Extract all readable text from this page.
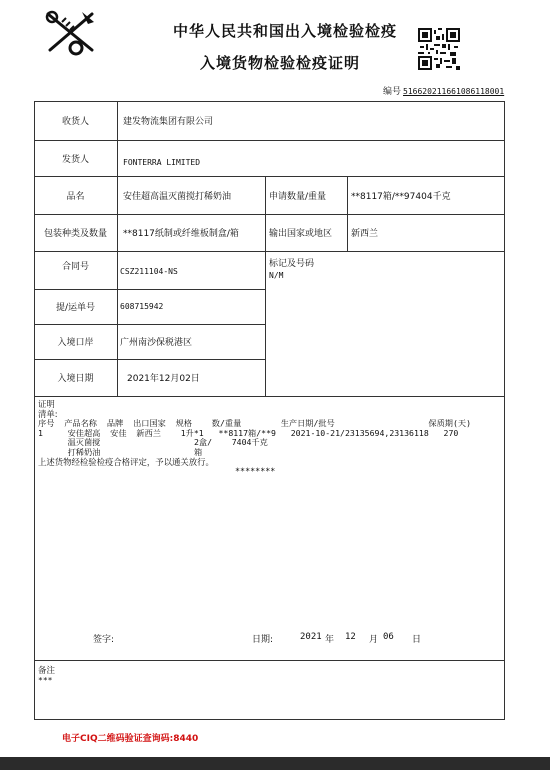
中华人民共和国出入境检验检疫
入境货物检验检疫证明
编号 51662021166108611800​1
收货人	建发物流集团有限公司
发货人	FONTERRA LIMITED
品名	安佳超高温灭菌搅打稀奶油	申请数量/重量	**8117箱/**97404千克
包装种类及数量	**8117纸制或纤维板制盒/箱	输出国家或地区	新西兰
合同号	CSZ211104-NS
标记及号码
N/M
提/运单号	608715942
入境口岸	广州南沙保税港区
入境日期	2021年12月02日
证明
清单:
序号  产品名称  品牌  出口国家  规格    数/重量        生产日期/批号                   保质期(天)
1     安佳超高  安佳  新西兰    1升*1   **8117箱/**9   2021-10-21/23135694,23136118   270
温灭菌搅                   2盒/    7404千克
打稀奶油                   箱
上述货物经检验检疫合格评定，予以通关放行。
********
签字:	日期:	2021 年 12 月 06 日
备注
***
电子CIQ二维码验证查询码:8440
